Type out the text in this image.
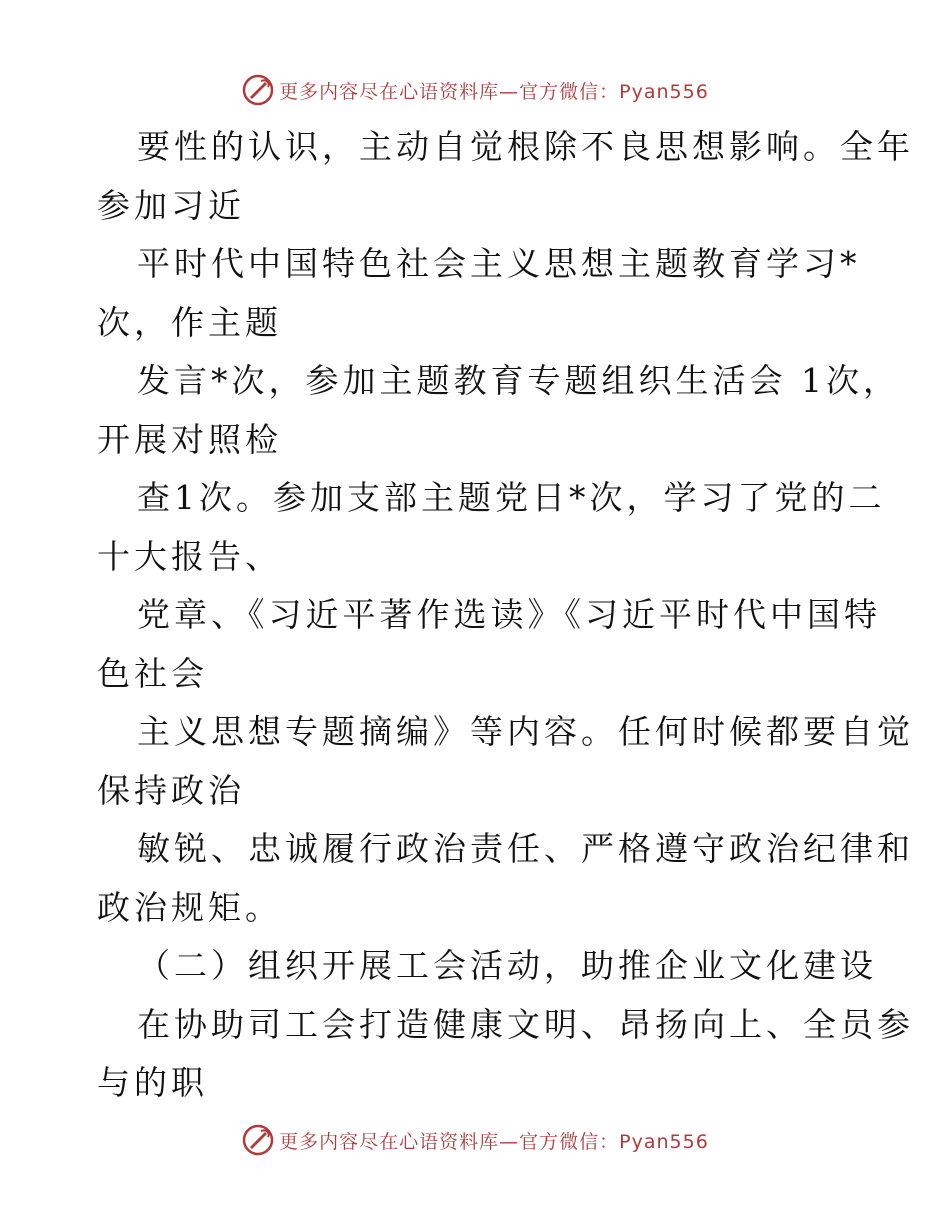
更多内容尽在心语资料库—官方微信：Pyan556
要性的认识，主动自觉根除不良思想影响。全年
参加习近
平时代中国特色社会主义思想主题教育学习*
次，作主题
发言*次，参加主题教育专题组织生活会 1次，
开展对照检
查1次。参加支部主题党日*次，学习了党的二
十大报告、
党章、《习近平著作选读》《习近平时代中国特
色社会
主义思想专题摘编》等内容。任何时候都要自觉
保持政治
敏锐、忠诚履行政治责任、严格遵守政治纪律和
政治规矩。
（二）组织开展工会活动，助推企业文化建设
在协助司工会打造健康文明、昂扬向上、全员参
与的职
更多内容尽在心语资料库—官方微信：Pyan556
